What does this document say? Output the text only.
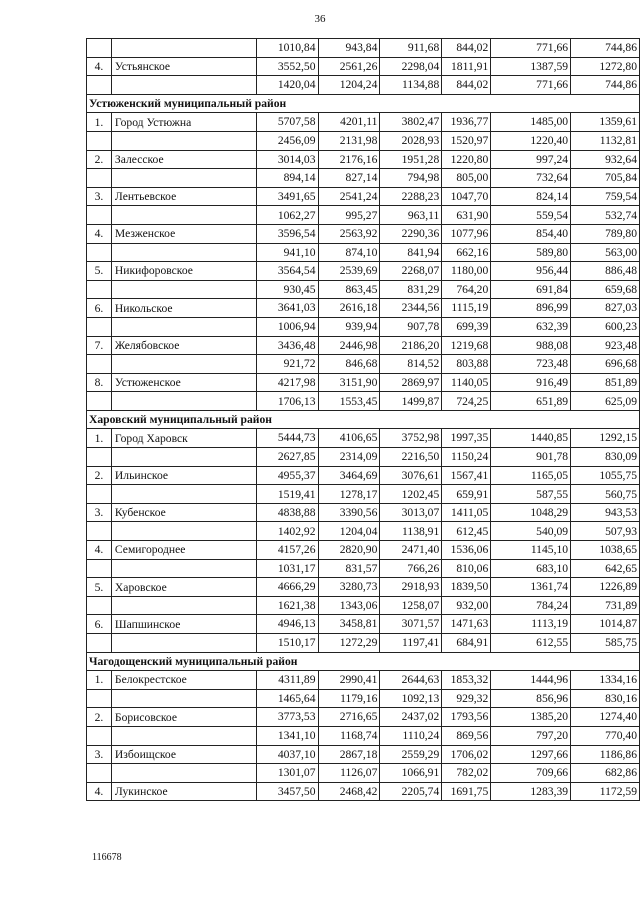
36
		1010,84	943,84	911,68	844,02	771,66	744,86
4.	Устьянское	3552,50	2561,26	2298,04	1811,91	1387,59	1272,80
		1420,04	1204,24	1134,88	844,02	771,66	744,86
Устюженский муниципальный район							
1.	Город Устюжна	5707,58	4201,11	3802,47	1936,77	1485,00	1359,61
		2456,09	2131,98	2028,93	1520,97	1220,40	1132,81
2.	Залесское	3014,03	2176,16	1951,28	1220,80	997,24	932,64
		894,14	827,14	794,98	805,00	732,64	705,84
3.	Лентьевское	3491,65	2541,24	2288,23	1047,70	824,14	759,54
		1062,27	995,27	963,11	631,90	559,54	532,74
4.	Мезженское	3596,54	2563,92	2290,36	1077,96	854,40	789,80
		941,10	874,10	841,94	662,16	589,80	563,00
5.	Никифоровское	3564,54	2539,69	2268,07	1180,00	956,44	886,48
		930,45	863,45	831,29	764,20	691,84	659,68
6.	Никольское	3641,03	2616,18	2344,56	1115,19	896,99	827,03
		1006,94	939,94	907,78	699,39	632,39	600,23
7.	Желябовское	3436,48	2446,98	2186,20	1219,68	988,08	923,48
		921,72	846,68	814,52	803,88	723,48	696,68
8.	Устюженское	4217,98	3151,90	2869,97	1140,05	916,49	851,89
		1706,13	1553,45	1499,87	724,25	651,89	625,09
Харовский муниципальный район							
1.	Город Харовск	5444,73	4106,65	3752,98	1997,35	1440,85	1292,15
		2627,85	2314,09	2216,50	1150,24	901,78	830,09
2.	Ильинское	4955,37	3464,69	3076,61	1567,41	1165,05	1055,75
		1519,41	1278,17	1202,45	659,91	587,55	560,75
3.	Кубенское	4838,88	3390,56	3013,07	1411,05	1048,29	943,53
		1402,92	1204,04	1138,91	612,45	540,09	507,93
4.	Семигороднее	4157,26	2820,90	2471,40	1536,06	1145,10	1038,65
		1031,17	831,57	766,26	810,06	683,10	642,65
5.	Харовское	4666,29	3280,73	2918,93	1839,50	1361,74	1226,89
		1621,38	1343,06	1258,07	932,00	784,24	731,89
6.	Шапшинское	4946,13	3458,81	3071,57	1471,63	1113,19	1014,87
		1510,17	1272,29	1197,41	684,91	612,55	585,75
Чагодощенский муниципальный район							
1.	Белокрестское	4311,89	2990,41	2644,63	1853,32	1444,96	1334,16
		1465,64	1179,16	1092,13	929,32	856,96	830,16
2.	Борисовское	3773,53	2716,65	2437,02	1793,56	1385,20	1274,40
		1341,10	1168,74	1110,24	869,56	797,20	770,40
3.	Избоищское	4037,10	2867,18	2559,29	1706,02	1297,66	1186,86
		1301,07	1126,07	1066,91	782,02	709,66	682,86
4.	Лукинское	3457,50	2468,42	2205,74	1691,75	1283,39	1172,59
116678
